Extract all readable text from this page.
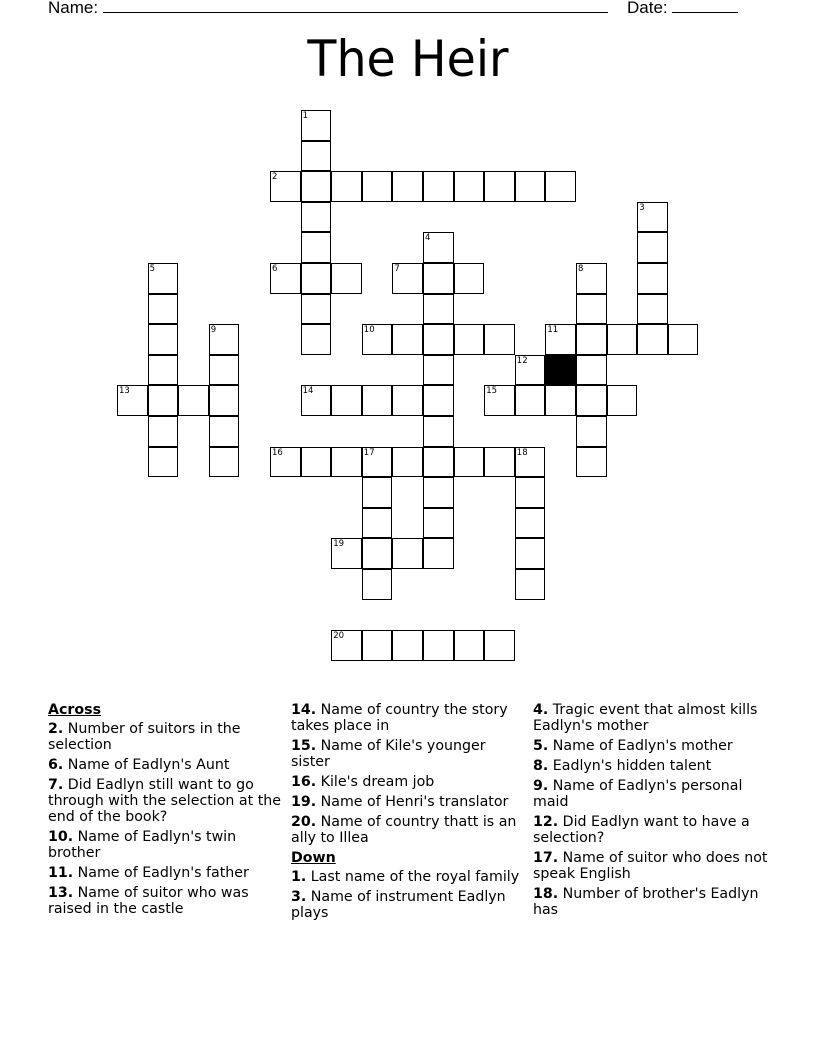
Name:	Date:
The Heir
1
2
3
4
5	6	7	8
9	10	11
12
13	14	15
16	17	18
19
20
Across
2. Number of suitors in the selection
6. Name of Eadlyn's Aunt
7. Did Eadlyn still want to go through with the selection at the end of the book?
10. Name of Eadlyn's twin brother
11. Name of Eadlyn's father
13. Name of suitor who was raised in the castle
14. Name of country the story takes place in
15. Name of Kile's younger sister
16. Kile's dream job
19. Name of Henri's translator
20. Name of country thatt is an ally to Illea
Down
1. Last name of the royal family
3. Name of instrument Eadlyn plays
4. Tragic event that almost kills Eadlyn's mother
5. Name of Eadlyn's mother
8. Eadlyn's hidden talent
9. Name of Eadlyn's personal maid
12. Did Eadlyn want to have a selection?
17. Name of suitor who does not speak English
18. Number of brother's Eadlyn has
